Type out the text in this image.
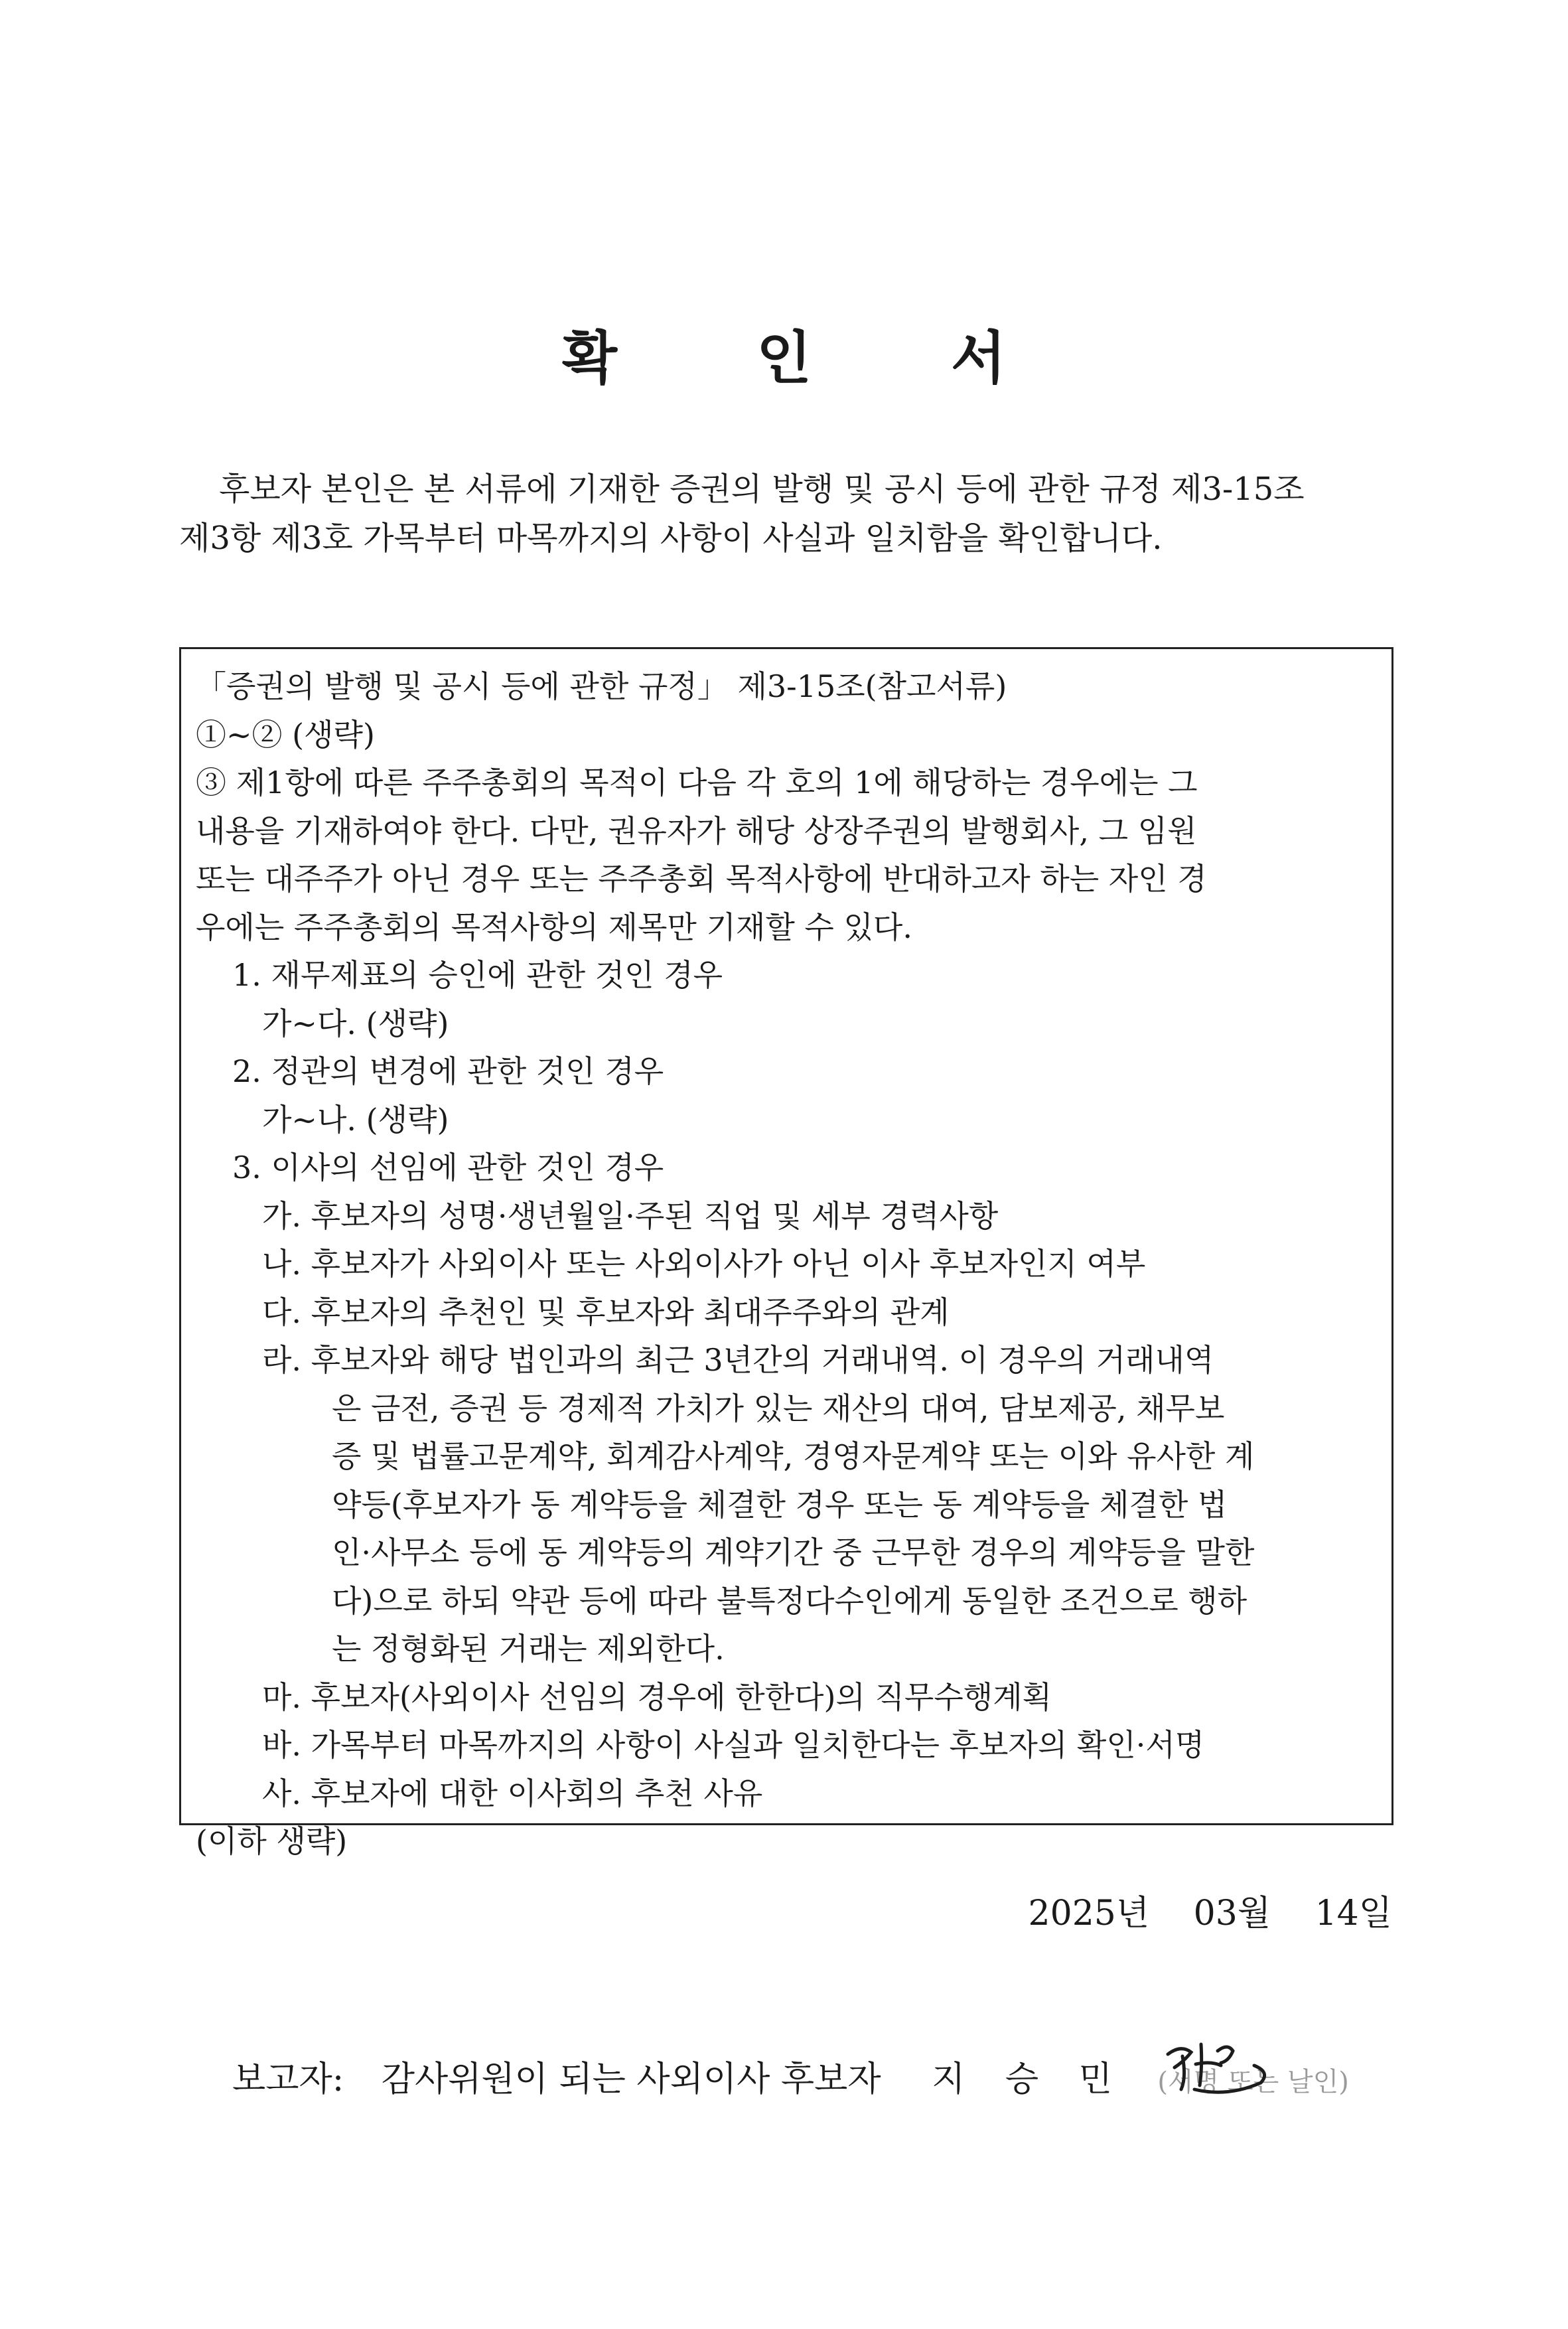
확 인 서
후보자 본인은 본 서류에 기재한 증권의 발행 및 공시 등에 관한 규정 제3-15조
제3항 제3호 가목부터 마목까지의 사항이 사실과 일치함을 확인합니다.
「증권의 발행 및 공시 등에 관한 규정」 제3-15조(참고서류)
①~② (생략)
③ 제1항에 따른 주주총회의 목적이 다음 각 호의 1에 해당하는 경우에는 그
내용을 기재하여야 한다. 다만, 권유자가 해당 상장주권의 발행회사, 그 임원
또는 대주주가 아닌 경우 또는 주주총회 목적사항에 반대하고자 하는 자인 경
우에는 주주총회의 목적사항의 제목만 기재할 수 있다.
1. 재무제표의 승인에 관한 것인 경우
가~다. (생략)
2. 정관의 변경에 관한 것인 경우
가~나. (생략)
3. 이사의 선임에 관한 것인 경우
가. 후보자의 성명·생년월일·주된 직업 및 세부 경력사항
나. 후보자가 사외이사 또는 사외이사가 아닌 이사 후보자인지 여부
다. 후보자의 추천인 및 후보자와 최대주주와의 관계
라. 후보자와 해당 법인과의 최근 3년간의 거래내역. 이 경우의 거래내역
은 금전, 증권 등 경제적 가치가 있는 재산의 대여, 담보제공, 채무보
증 및 법률고문계약, 회계감사계약, 경영자문계약 또는 이와 유사한 계
약등(후보자가 동 계약등을 체결한 경우 또는 동 계약등을 체결한 법
인·사무소 등에 동 계약등의 계약기간 중 근무한 경우의 계약등을 말한
다)으로 하되 약관 등에 따라 불특정다수인에게 동일한 조건으로 행하
는 정형화된 거래는 제외한다.
마. 후보자(사외이사 선임의 경우에 한한다)의 직무수행계획
바. 가목부터 마목까지의 사항이 사실과 일치한다는 후보자의 확인·서명
사. 후보자에 대한 이사회의 추천 사유
(이하 생략)
2025년 03월 14일
보고자: 감사위원이 되는 사외이사 후보자 지 승 민 (서명 또는 날인)
